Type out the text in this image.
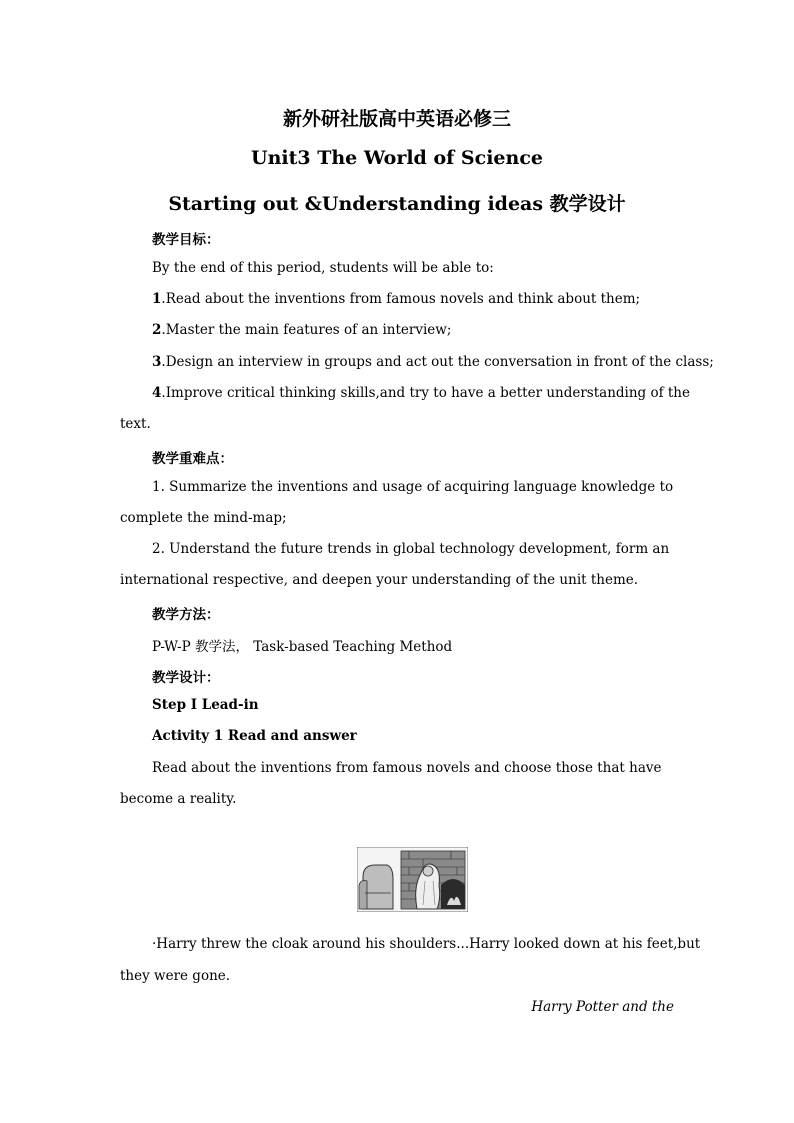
新外研社版高中英语必修三
Unit3 The World of Science
Starting out &Understanding ideas 教学设计
教学目标：
By the end of this period, students will be able to:
1.Read about the inventions from famous novels and think about them;
2.Master the main features of an interview;
3.Design an interview in groups and act out the conversation in front of the class;
4.Improve critical thinking skills,and try to have a better understanding of the
text.
教学重难点：
1. Summarize the inventions and usage of acquiring language knowledge to
complete the mind-map;
2. Understand the future trends in global technology development, form an
international respective, and deepen your understanding of the unit theme.
教学方法：
P-W-P 教学法， Task-based Teaching Method
教学设计：
Step Ⅰ Lead-in
Activity 1 Read and answer
Read about the inventions from famous novels and choose those that have
become a reality.
·Harry threw the cloak around his shoulders...Harry looked down at his feet,but
they were gone.
Harry Potter and the
